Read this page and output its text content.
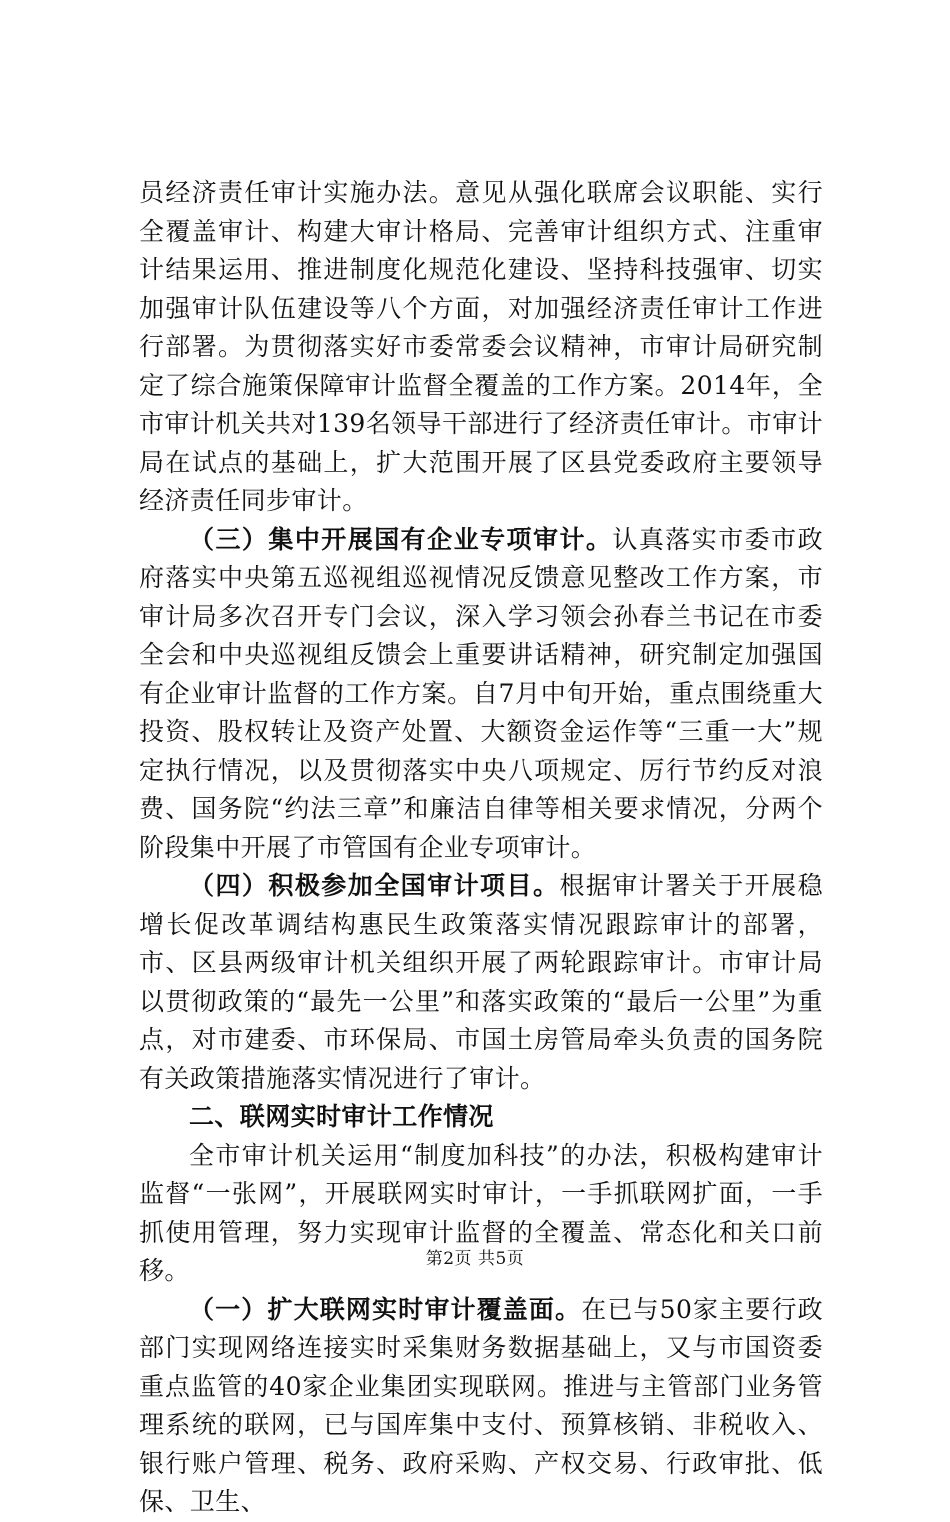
员经济责任审计实施办法。意见从强化联席会议职能、实行全覆盖审计、构建大审计格局、完善审计组织方式、注重审计结果运用、推进制度化规范化建设、坚持科技强审、切实加强审计队伍建设等八个方面，对加强经济责任审计工作进行部署。为贯彻落实好市委常委会议精神，市审计局研究制定了综合施策保障审计监督全覆盖的工作方案。2014年，全市审计机关共对139名领导干部进行了经济责任审计。市审计局在试点的基础上，扩大范围开展了区县党委政府主要领导经济责任同步审计。

（三）集中开展国有企业专项审计。认真落实市委市政府落实中央第五巡视组巡视情况反馈意见整改工作方案，市审计局多次召开专门会议，深入学习领会孙春兰书记在市委全会和中央巡视组反馈会上重要讲话精神，研究制定加强国有企业审计监督的工作方案。自7月中旬开始，重点围绕重大投资、股权转让及资产处置、大额资金运作等“三重一大”规定执行情况，以及贯彻落实中央八项规定、厉行节约反对浪费、国务院“约法三章”和廉洁自律等相关要求情况，分两个阶段集中开展了市管国有企业专项审计。

（四）积极参加全国审计项目。根据审计署关于开展稳增长促改革调结构惠民生政策落实情况跟踪审计的部署，市、区县两级审计机关组织开展了两轮跟踪审计。市审计局以贯彻政策的“最先一公里”和落实政策的“最后一公里”为重点，对市建委、市环保局、市国土房管局牵头负责的国务院有关政策措施落实情况进行了审计。

二、联网实时审计工作情况

全市审计机关运用“制度加科技”的办法，积极构建审计监督“一张网”，开展联网实时审计，一手抓联网扩面，一手抓使用管理，努力实现审计监督的全覆盖、常态化和关口前移。

（一）扩大联网实时审计覆盖面。在已与50家主要行政部门实现网络连接实时采集财务数据基础上，又与市国资委重点监管的40家企业集团实现联网。推进与主管部门业务管理系统的联网，已与国库集中支付、预算核销、非税收入、银行账户管理、税务、政府采购、产权交易、行政审批、低保、卫生、

第2页 共5页
